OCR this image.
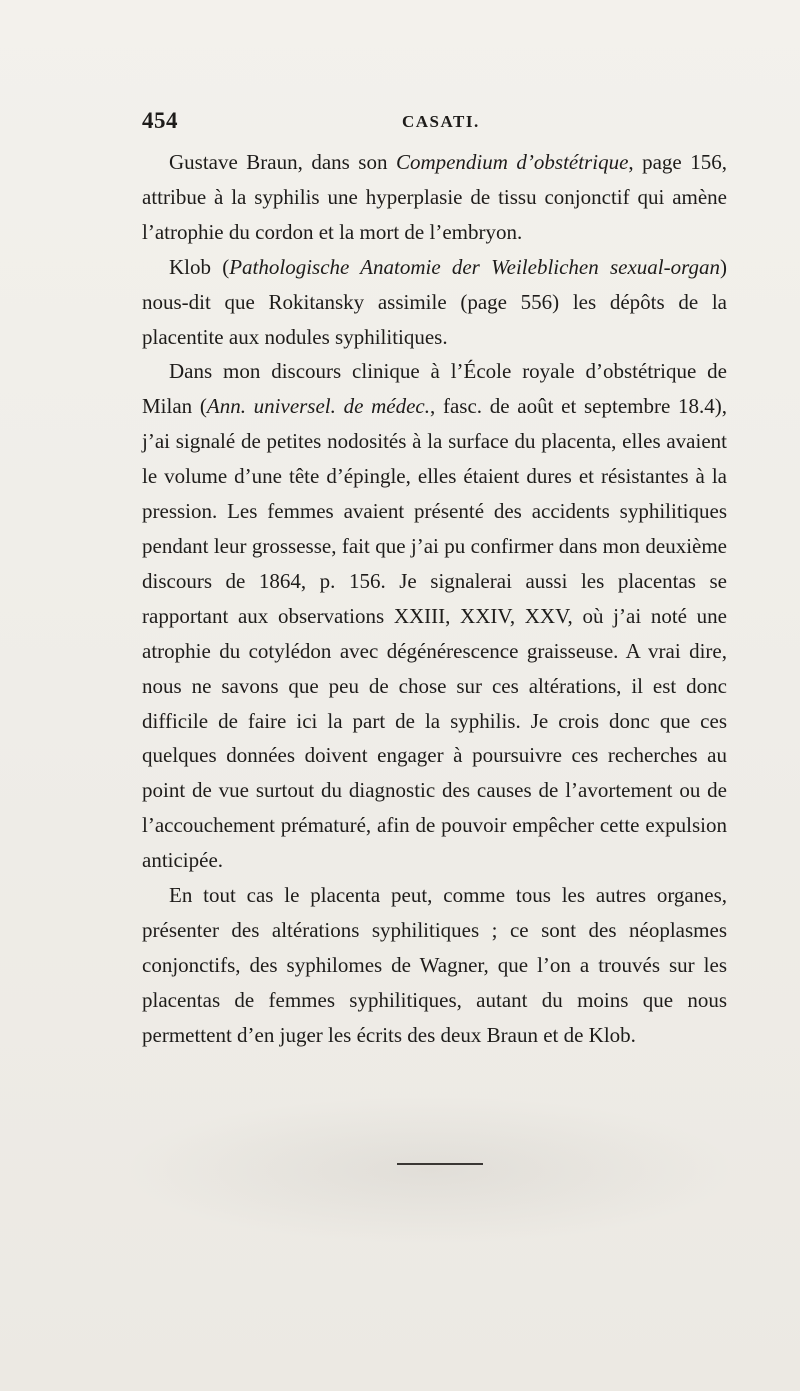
454	CASATI.

Gustave Braun, dans son Compendium d’obstétrique, page 156, attribue à la syphilis une hyperplasie de tissu conjonctif qui amène l’atrophie du cordon et la mort de l’embryon.

Klob (Pathologische Anatomie der Weileblichen sexual-organ) nous-dit que Rokitansky assimile (page 556) les dépôts de la placentite aux nodules syphilitiques.

Dans mon discours clinique à l’École royale d’obstétrique de Milan (Ann. universel. de médec., fasc. de août et septembre 18.4), j’ai signalé de petites nodosités à la surface du placenta, elles avaient le volume d’une tête d’épingle, elles étaient dures et résistantes à la pression. Les femmes avaient présenté des accidents syphilitiques pendant leur grossesse, fait que j’ai pu confirmer dans mon deuxième discours de 1864, p. 156. Je signalerai aussi les placentas se rapportant aux observations XXIII, XXIV, XXV, où j’ai noté une atrophie du cotylédon avec dégénérescence graisseuse. A vrai dire, nous ne savons que peu de chose sur ces altérations, il est donc difficile de faire ici la part de la syphilis. Je crois donc que ces quelques données doivent engager à poursuivre ces recherches au point de vue surtout du diagnostic des causes de l’avortement ou de l’accouchement prématuré, afin de pouvoir empêcher cette expulsion anticipée.

En tout cas le placenta peut, comme tous les autres organes, présenter des altérations syphilitiques ; ce sont des néoplasmes conjonctifs, des syphilomes de Wagner, que l’on a trouvés sur les placentas de femmes syphilitiques, autant du moins que nous permettent d’en juger les écrits des deux Braun et de Klob.
